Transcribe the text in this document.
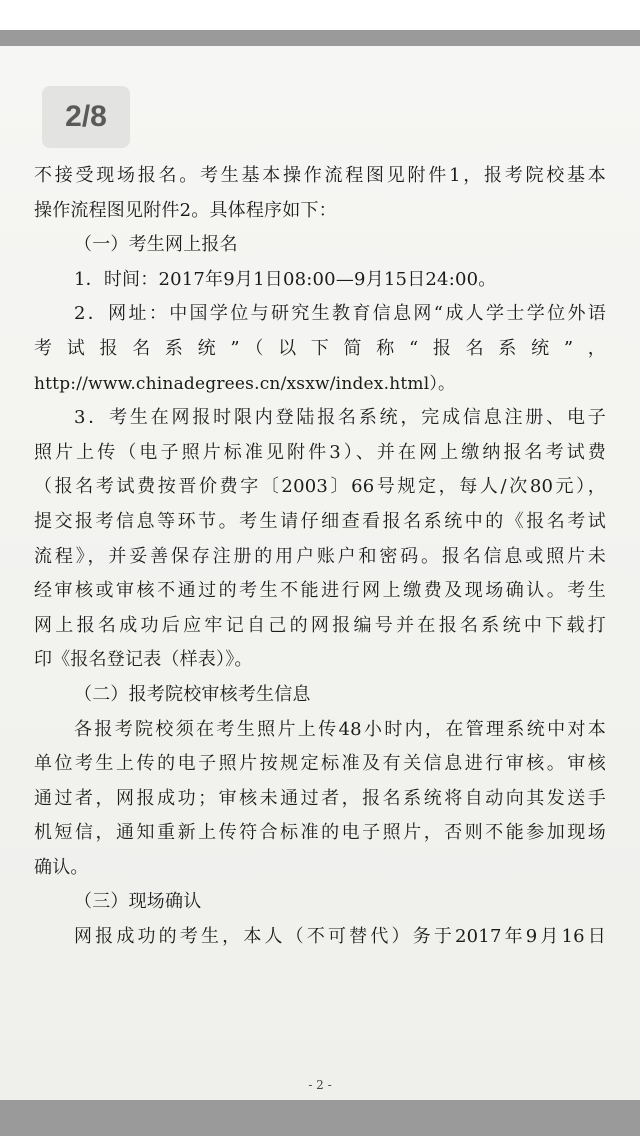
2/8
不接受现场报名。考生基本操作流程图见附件1，报考院校基本
操作流程图见附件2。具体程序如下：
（一）考生网上报名
1．时间：2017年9月1日08:00—9月15日24:00。
2．网址：中国学位与研究生教育信息网“成人学士学位外语
考试报名系统”（以下简称“报名系统”，
http://www.chinadegrees.cn/xsxw/index.html）。
3．考生在网报时限内登陆报名系统，完成信息注册、电子
照片上传（电子照片标准见附件3）、并在网上缴纳报名考试费
（报名考试费按晋价费字〔2003〕66号规定，每人/次80元），
提交报考信息等环节。考生请仔细查看报名系统中的《报名考试
流程》，并妥善保存注册的用户账户和密码。报名信息或照片未
经审核或审核不通过的考生不能进行网上缴费及现场确认。考生
网上报名成功后应牢记自己的网报编号并在报名系统中下载打
印《报名登记表（样表）》。
（二）报考院校审核考生信息
各报考院校须在考生照片上传48小时内，在管理系统中对本
单位考生上传的电子照片按规定标准及有关信息进行审核。审核
通过者，网报成功；审核未通过者，报名系统将自动向其发送手
机短信，通知重新上传符合标准的电子照片，否则不能参加现场
确认。
（三）现场确认
网报成功的考生，本人（不可替代）务于2017年9月16日
- 2 -
